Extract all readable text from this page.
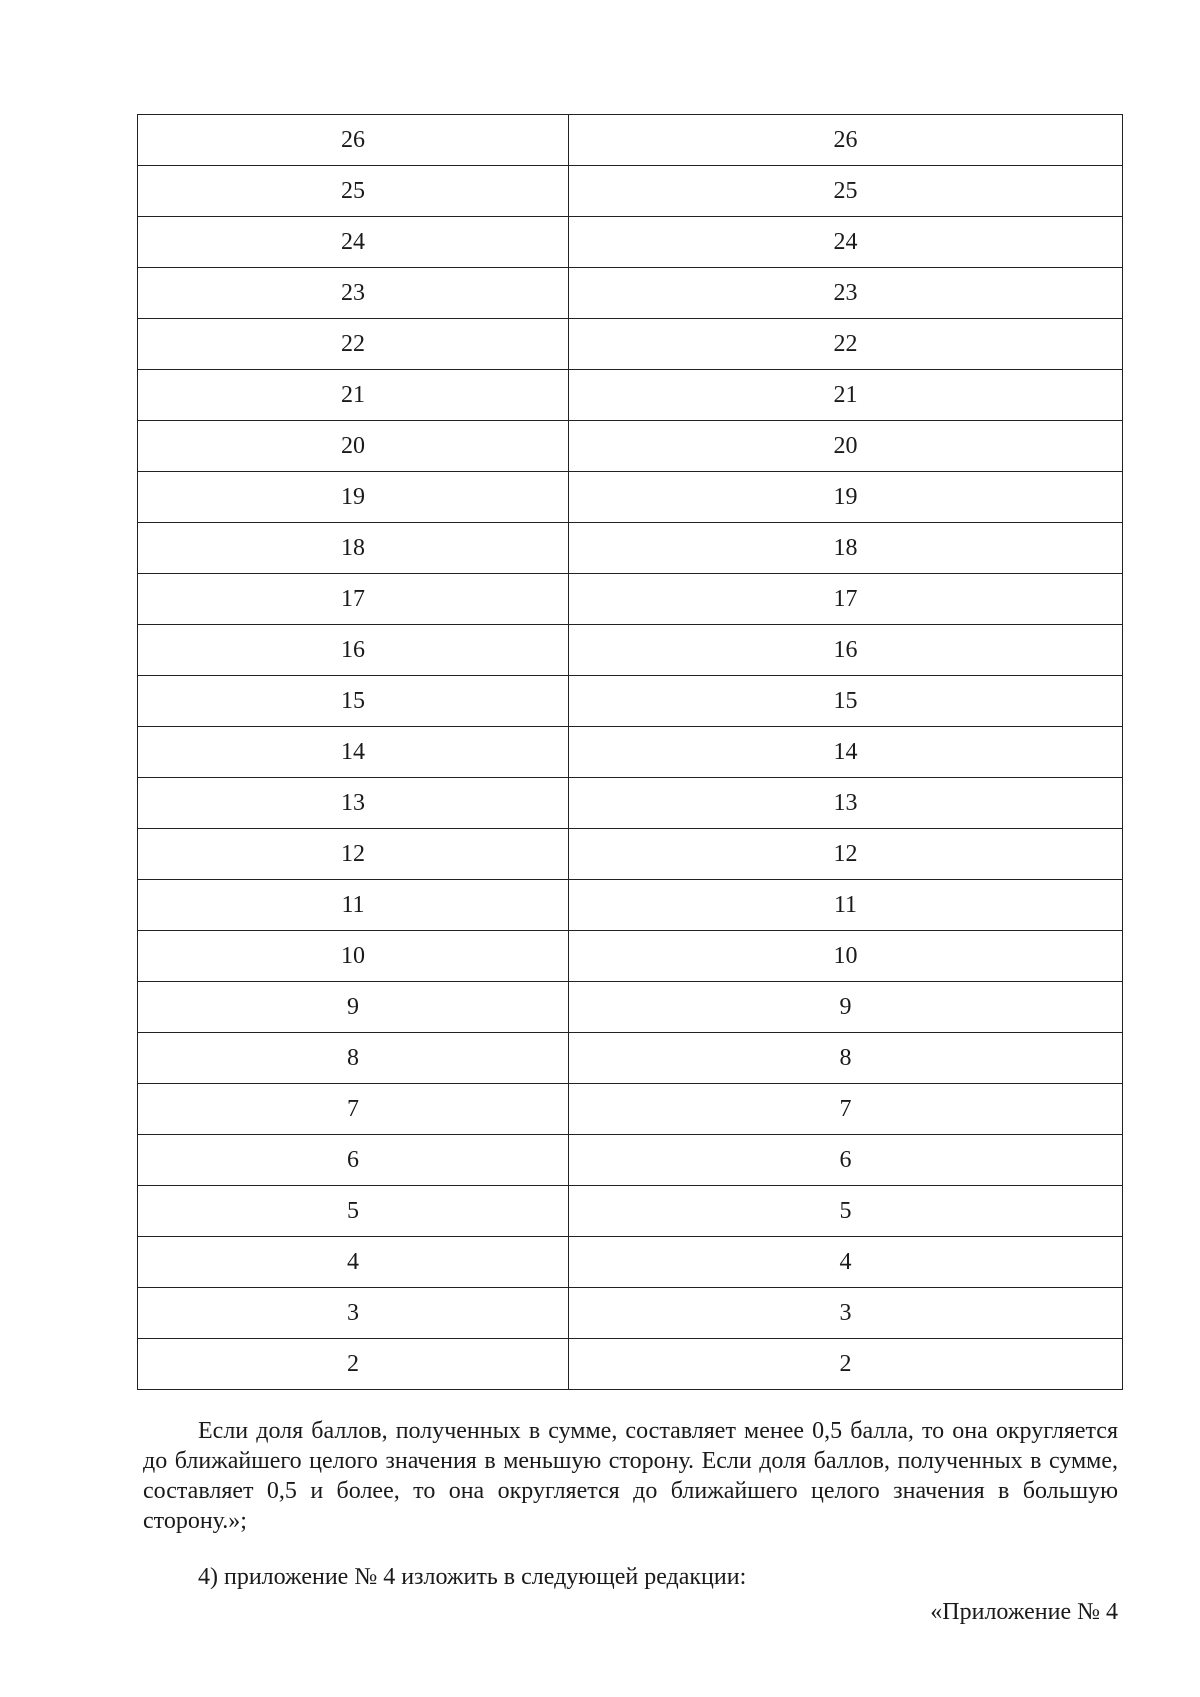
26	26
25	25
24	24
23	23
22	22
21	21
20	20
19	19
18	18
17	17
16	16
15	15
14	14
13	13
12	12
11	11
10	10
9	9
8	8
7	7
6	6
5	5
4	4
3	3
2	2

Если доля баллов, полученных в сумме, составляет менее 0,5 балла, то она округляется до ближайшего целого значения в меньшую сторону. Если доля баллов, полученных в сумме, составляет 0,5 и более, то она округляется до ближайшего целого значения в большую сторону.»;

4) приложение № 4 изложить в следующей редакции:

«Приложение № 4
